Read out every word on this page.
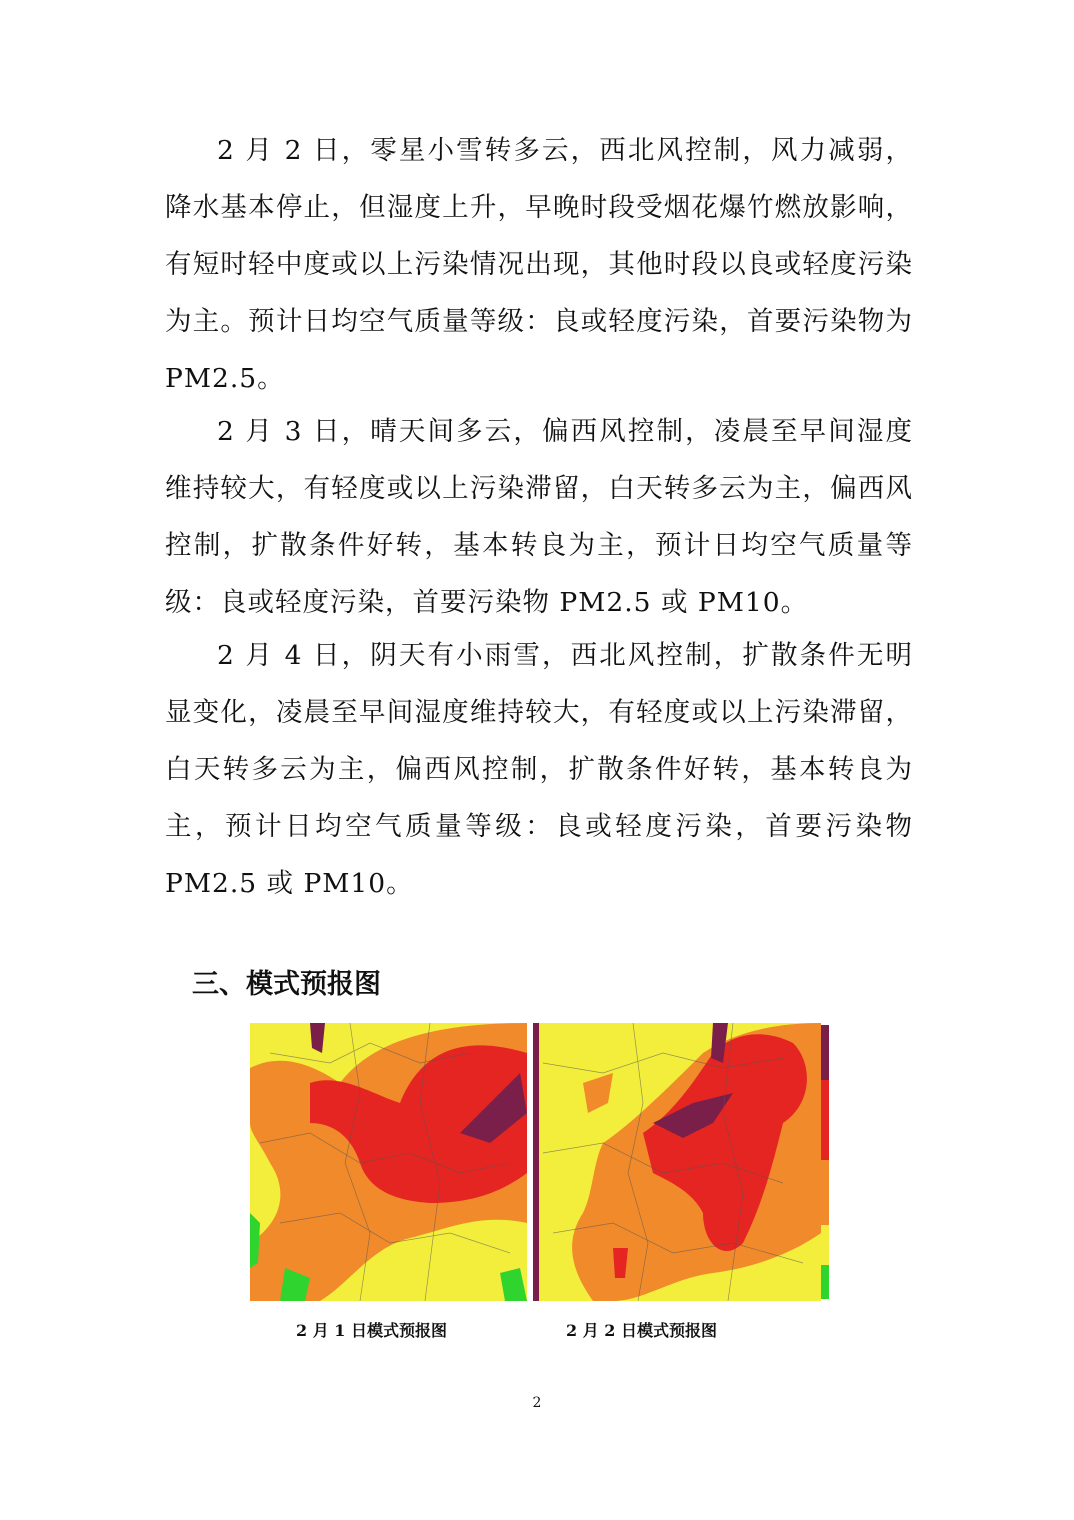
2 月 2 日，零星小雪转多云，西北风控制，风力减弱，降水基本停止，但湿度上升，早晚时段受烟花爆竹燃放影响，有短时轻中度或以上污染情况出现，其他时段以良或轻度污染为主。预计日均空气质量等级：良或轻度污染，首要污染物为 PM2.5。

2 月 3 日，晴天间多云，偏西风控制，凌晨至早间湿度维持较大，有轻度或以上污染滞留，白天转多云为主，偏西风控制，扩散条件好转，基本转良为主，预计日均空气质量等级：良或轻度污染，首要污染物 PM2.5 或 PM10。

2 月 4 日，阴天有小雨雪，西北风控制，扩散条件无明显变化，凌晨至早间湿度维持较大，有轻度或以上污染滞留，白天转多云为主，偏西风控制，扩散条件好转，基本转良为主，预计日均空气质量等级：良或轻度污染，首要污染物 PM2.5 或 PM10。

三、模式预报图
2 月 1 日模式预报图	2 月 2 日模式预报图
2
